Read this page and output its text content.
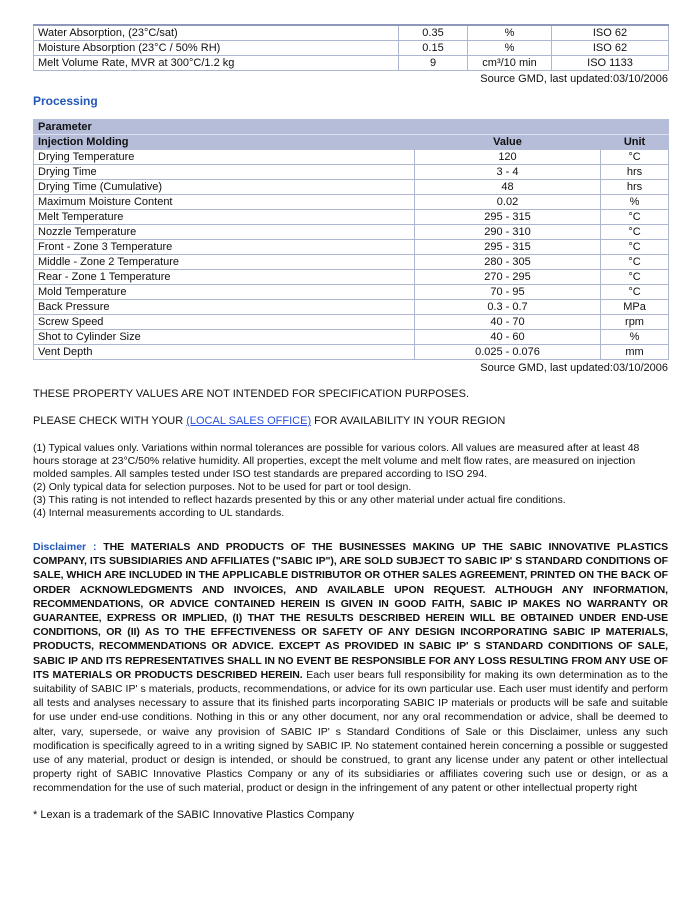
Water Absorption, (23°C/sat)	0.35	%	ISO 62
Moisture Absorption (23°C / 50% RH)	0.15	%	ISO 62
Melt Volume Rate, MVR at 300°C/1.2 kg	9	cm³/10 min	ISO 1133
Source GMD, last updated:03/10/2006
Processing
Parameter		
Injection Molding	Value	Unit
Drying Temperature	120	°C
Drying Time	3 - 4	hrs
Drying Time (Cumulative)	48	hrs
Maximum Moisture Content	0.02	%
Melt Temperature	295 - 315	°C
Nozzle Temperature	290 - 310	°C
Front - Zone 3 Temperature	295 - 315	°C
Middle - Zone 2 Temperature	280 - 305	°C
Rear - Zone 1 Temperature	270 - 295	°C
Mold Temperature	70 - 95	°C
Back Pressure	0.3 - 0.7	MPa
Screw Speed	40 - 70	rpm
Shot to Cylinder Size	40 - 60	%
Vent Depth	0.025 - 0.076	mm
Source GMD, last updated:03/10/2006

THESE PROPERTY VALUES ARE NOT INTENDED FOR SPECIFICATION PURPOSES.

PLEASE CHECK WITH YOUR (LOCAL SALES OFFICE) FOR AVAILABILITY IN YOUR REGION

(1) Typical values only. Variations within normal tolerances are possible for various colors. All values are measured after at least 48 hours storage at 23°C/50% relative humidity. All properties, except the melt volume and melt flow rates, are measured on injection molded samples. All samples tested under ISO test standards are prepared according to ISO 294.
(2) Only typical data for selection purposes. Not to be used for part or tool design.
(3) This rating is not intended to reflect hazards presented by this or any other material under actual fire conditions.
(4) Internal measurements according to UL standards.

Disclaimer : THE MATERIALS AND PRODUCTS OF THE BUSINESSES MAKING UP THE SABIC INNOVATIVE PLASTICS COMPANY, ITS SUBSIDIARIES AND AFFILIATES ("SABIC IP"), ARE SOLD SUBJECT TO SABIC IP' S STANDARD CONDITIONS OF SALE, WHICH ARE INCLUDED IN THE APPLICABLE DISTRIBUTOR OR OTHER SALES AGREEMENT, PRINTED ON THE BACK OF ORDER ACKNOWLEDGMENTS AND INVOICES, AND AVAILABLE UPON REQUEST. ALTHOUGH ANY INFORMATION, RECOMMENDATIONS, OR ADVICE CONTAINED HEREIN IS GIVEN IN GOOD FAITH, SABIC IP MAKES NO WARRANTY OR GUARANTEE, EXPRESS OR IMPLIED, (I) THAT THE RESULTS DESCRIBED HEREIN WILL BE OBTAINED UNDER END-USE CONDITIONS, OR (II) AS TO THE EFFECTIVENESS OR SAFETY OF ANY DESIGN INCORPORATING SABIC IP MATERIALS, PRODUCTS, RECOMMENDATIONS OR ADVICE. EXCEPT AS PROVIDED IN SABIC IP' S STANDARD CONDITIONS OF SALE, SABIC IP AND ITS REPRESENTATIVES SHALL IN NO EVENT BE RESPONSIBLE FOR ANY LOSS RESULTING FROM ANY USE OF ITS MATERIALS OR PRODUCTS DESCRIBED HEREIN. Each user bears full responsibility for making its own determination as to the suitability of SABIC IP' s materials, products, recommendations, or advice for its own particular use. Each user must identify and perform all tests and analyses necessary to assure that its finished parts incorporating SABIC IP materials or products will be safe and suitable for use under end-use conditions. Nothing in this or any other document, nor any oral recommendation or advice, shall be deemed to alter, vary, supersede, or waive any provision of SABIC IP' s Standard Conditions of Sale or this Disclaimer, unless any such modification is specifically agreed to in a writing signed by SABIC IP. No statement contained herein concerning a possible or suggested use of any material, product or design is intended, or should be construed, to grant any license under any patent or other intellectual property right of SABIC Innovative Plastics Company or any of its subsidiaries or affiliates covering such use or design, or as a recommendation for the use of such material, product or design in the infringement of any patent or other intellectual property right

* Lexan is a trademark of the SABIC Innovative Plastics Company
